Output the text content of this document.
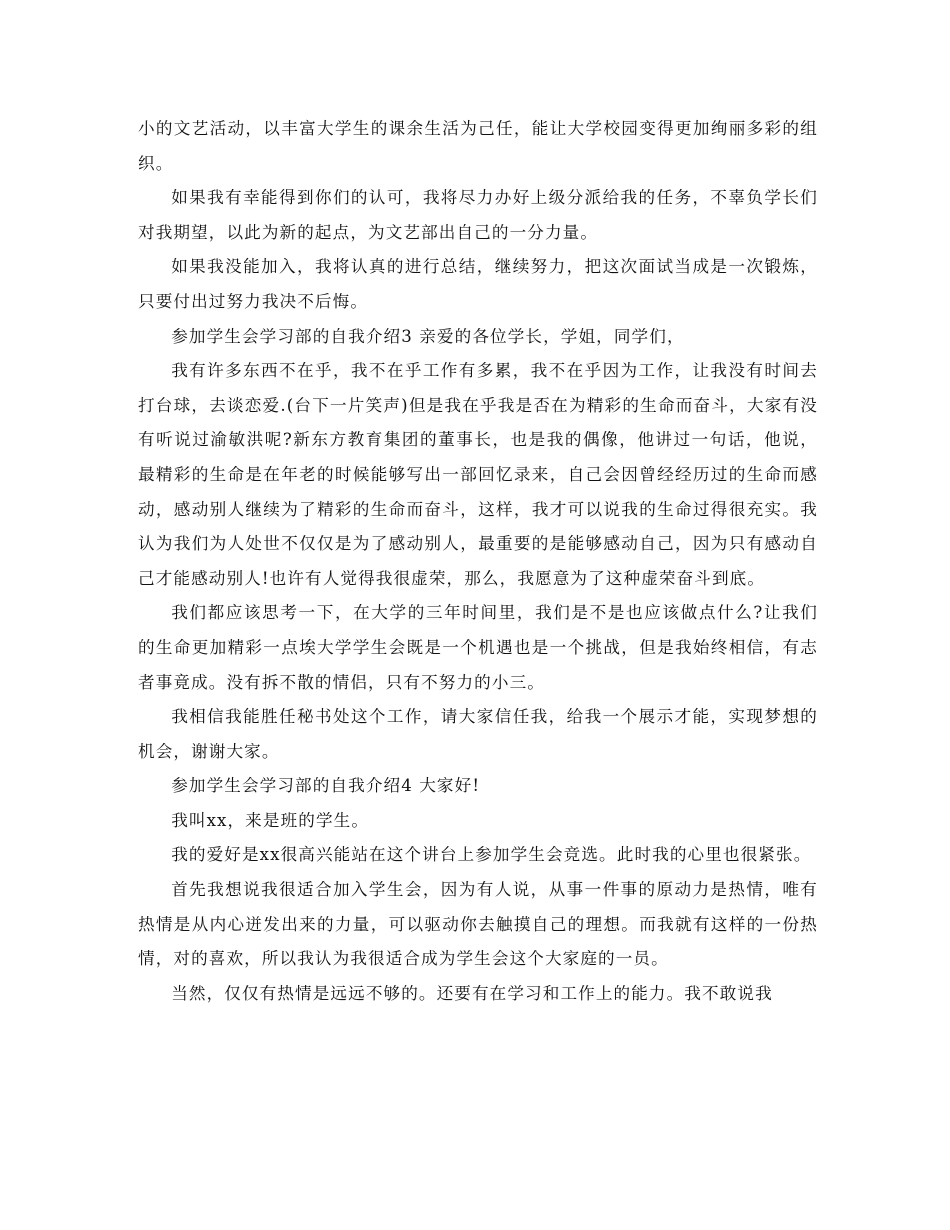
小的文艺活动，以丰富大学生的课余生活为己任，能让大学校园变得更加绚丽多彩的组织。

如果我有幸能得到你们的认可，我将尽力办好上级分派给我的任务，不辜负学长们对我期望，以此为新的起点，为文艺部出自己的一分力量。

如果我没能加入，我将认真的进行总结，继续努力，把这次面试当成是一次锻炼，只要付出过努力我决不后悔。

参加学生会学习部的自我介绍3 亲爱的各位学长，学姐，同学们，

我有许多东西不在乎，我不在乎工作有多累，我不在乎因为工作，让我没有时间去打台球，去谈恋爱.(台下一片笑声)但是我在乎我是否在为精彩的生命而奋斗，大家有没有听说过渝敏洪呢?新东方教育集团的董事长，也是我的偶像，他讲过一句话，他说，最精彩的生命是在年老的时候能够写出一部回忆录来，自己会因曾经经历过的生命而感动，感动别人继续为了精彩的生命而奋斗，这样，我才可以说我的生命过得很充实。我认为我们为人处世不仅仅是为了感动别人，最重要的是能够感动自己，因为只有感动自己才能感动别人!也许有人觉得我很虚荣，那么，我愿意为了这种虚荣奋斗到底。

我们都应该思考一下，在大学的三年时间里，我们是不是也应该做点什么?让我们的生命更加精彩一点埃大学学生会既是一个机遇也是一个挑战，但是我始终相信，有志者事竟成。没有拆不散的情侣，只有不努力的小三。

我相信我能胜任秘书处这个工作，请大家信任我，给我一个展示才能，实现梦想的机会，谢谢大家。

参加学生会学习部的自我介绍4 大家好!

我叫xx，来是班的学生。

我的爱好是xx很高兴能站在这个讲台上参加学生会竞选。此时我的心里也很紧张。

首先我想说我很适合加入学生会，因为有人说，从事一件事的原动力是热情，唯有热情是从内心迸发出来的力量，可以驱动你去触摸自己的理想。而我就有这样的一份热情，对的喜欢，所以我认为我很适合成为学生会这个大家庭的一员。

当然，仅仅有热情是远远不够的。还要有在学习和工作上的能力。我不敢说我
